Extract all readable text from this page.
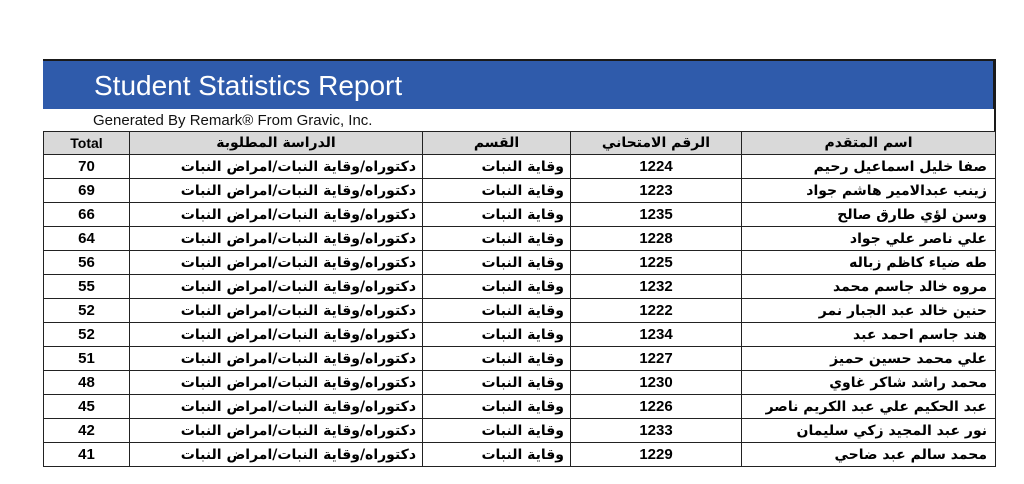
Student Statistics Report
Generated By Remark® From Gravic, Inc.
Total	الدراسة المطلوبة	القسم	الرقم الامتحاني	اسم المتقدم
70	دكتوراه/وقاية النبات/امراض النبات	وقاية النبات	1224	صفا خليل اسماعيل رحيم
69	دكتوراه/وقاية النبات/امراض النبات	وقاية النبات	1223	زينب عبدالامير هاشم جواد
66	دكتوراه/وقاية النبات/امراض النبات	وقاية النبات	1235	وسن لؤي طارق صالح
64	دكتوراه/وقاية النبات/امراض النبات	وقاية النبات	1228	علي ناصر علي جواد
56	دكتوراه/وقاية النبات/امراض النبات	وقاية النبات	1225	طه ضياء كاظم زباله
55	دكتوراه/وقاية النبات/امراض النبات	وقاية النبات	1232	مروه خالد جاسم محمد
52	دكتوراه/وقاية النبات/امراض النبات	وقاية النبات	1222	حنين خالد عبد الجبار نمر
52	دكتوراه/وقاية النبات/امراض النبات	وقاية النبات	1234	هند جاسم احمد عبد
51	دكتوراه/وقاية النبات/امراض النبات	وقاية النبات	1227	علي محمد حسين حميز
48	دكتوراه/وقاية النبات/امراض النبات	وقاية النبات	1230	محمد راشد شاكر غاوي
45	دكتوراه/وقاية النبات/امراض النبات	وقاية النبات	1226	عبد الحكيم علي عبد الكريم ناصر
42	دكتوراه/وقاية النبات/امراض النبات	وقاية النبات	1233	نور عبد المجيد زكي سليمان
41	دكتوراه/وقاية النبات/امراض النبات	وقاية النبات	1229	محمد سالم عبد ضاحي
